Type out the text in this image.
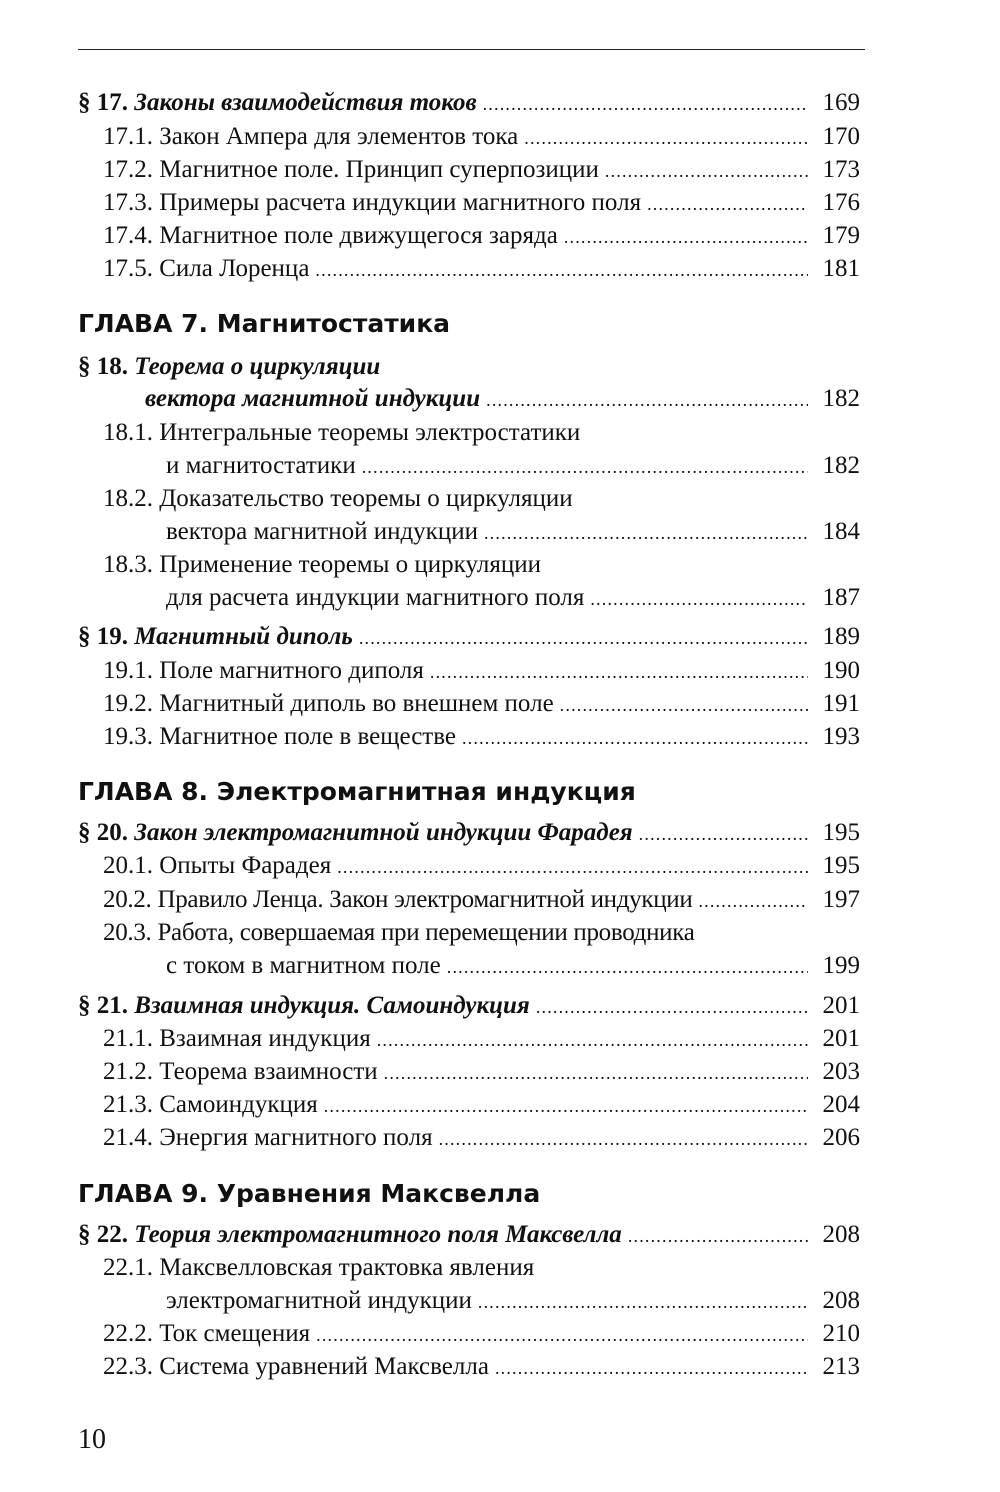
§ 17. Законы взаимодействия токов .....	169
17.1. Закон Ампера для элементов тока .....	170
17.2. Магнитное поле. Принцип суперпозиции .....	173
17.3. Примеры расчета индукции магнитного поля .....	176
17.4. Магнитное поле движущегося заряда .....	179
17.5. Сила Лоренца .....	181
ГЛАВА 7. Магнитостатика
§ 18. Теорема о циркуляции
вектора магнитной индукции .....	182
18.1. Интегральные теоремы электростатики
и магнитостатики .....	182
18.2. Доказательство теоремы о циркуляции
вектора магнитной индукции .....	184
18.3. Применение теоремы о циркуляции
для расчета индукции магнитного поля .....	187
§ 19. Магнитный диполь .....	189
19.1. Поле магнитного диполя .....	190
19.2. Магнитный диполь во внешнем поле .....	191
19.3. Магнитное поле в веществе .....	193
ГЛАВА 8. Электромагнитная индукция
§ 20. Закон электромагнитной индукции Фарадея .....	195
20.1. Опыты Фарадея .....	195
20.2. Правило Ленца. Закон электромагнитной индукции .....	197
20.3. Работа, совершаемая при перемещении проводника
с током в магнитном поле .....	199
§ 21. Взаимная индукция. Самоиндукция .....	201
21.1. Взаимная индукция .....	201
21.2. Теорема взаимности .....	203
21.3. Самоиндукция .....	204
21.4. Энергия магнитного поля .....	206
ГЛАВА 9. Уравнения Максвелла
§ 22. Теория электромагнитного поля Максвелла .....	208
22.1. Максвелловская трактовка явления
электромагнитной индукции .....	208
22.2. Ток смещения .....	210
22.3. Система уравнений Максвелла .....	213
10
